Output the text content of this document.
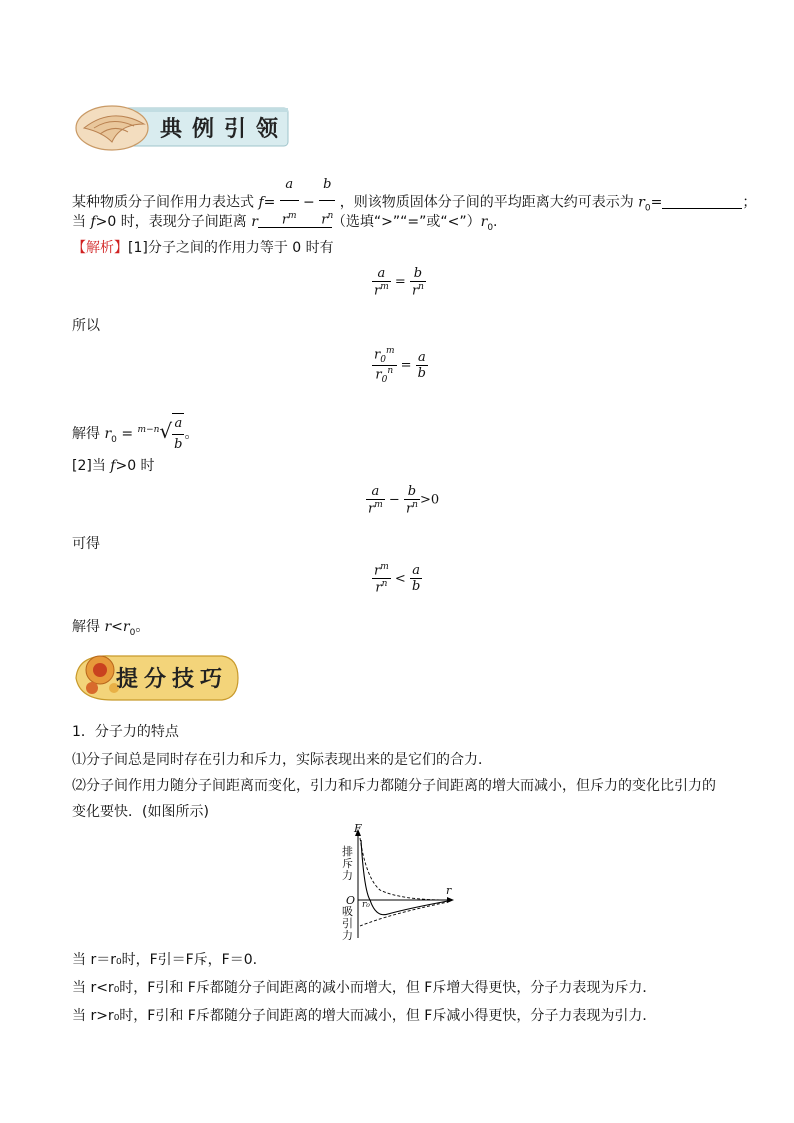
典例引领
某种物质分子间作用力表达式 $f= \frac{a}{r^m} - \frac{b}{r^n}$ ，则该物质固体分子间的平均距离大约可表示为 $r_0=$	；
当 f>0 时，表现分子间距离 r	（选填“>”“=”或“$<”)r_0$.
【解析】[1]分子之间的作用力等于 0 时有
$\frac{a}{r^m} = \frac{b}{r^n}$
所以
$\frac{r_0^m}{r_0^n} = \frac{a}{b}$
解得 $r_0 = ^{m-n}√ \frac{a}{b}$ 。
[2]当 f>0 时
$\frac{a}{r^m} - \frac{b}{r^n} >0$
可得
$\frac{r^m}{r^n} < \frac{a}{b}$
解得 $r<r_0$。
提分技巧
1．分子力的特点
⑴分子间总是同时存在引力和斥力，实际表现出来的是它们的合力．
⑵分子间作用力随分子间距离而变化，引力和斥力都随分子间距离的增大而减小，但斥力的变化比引力的
变化要快．(如图所示)
F
r
O r₀
排斥力
吸引力
当 r＝r₀时，F引＝F斥，F＝0.
当 r<r₀时，F引和 F斥都随分子间距离的减小而增大，但 F斥增大得更快，分子力表现为斥力．
当 r>r₀时，F引和 F斥都随分子间距离的增大而减小，但 F斥减小得更快，分子力表现为引力．
